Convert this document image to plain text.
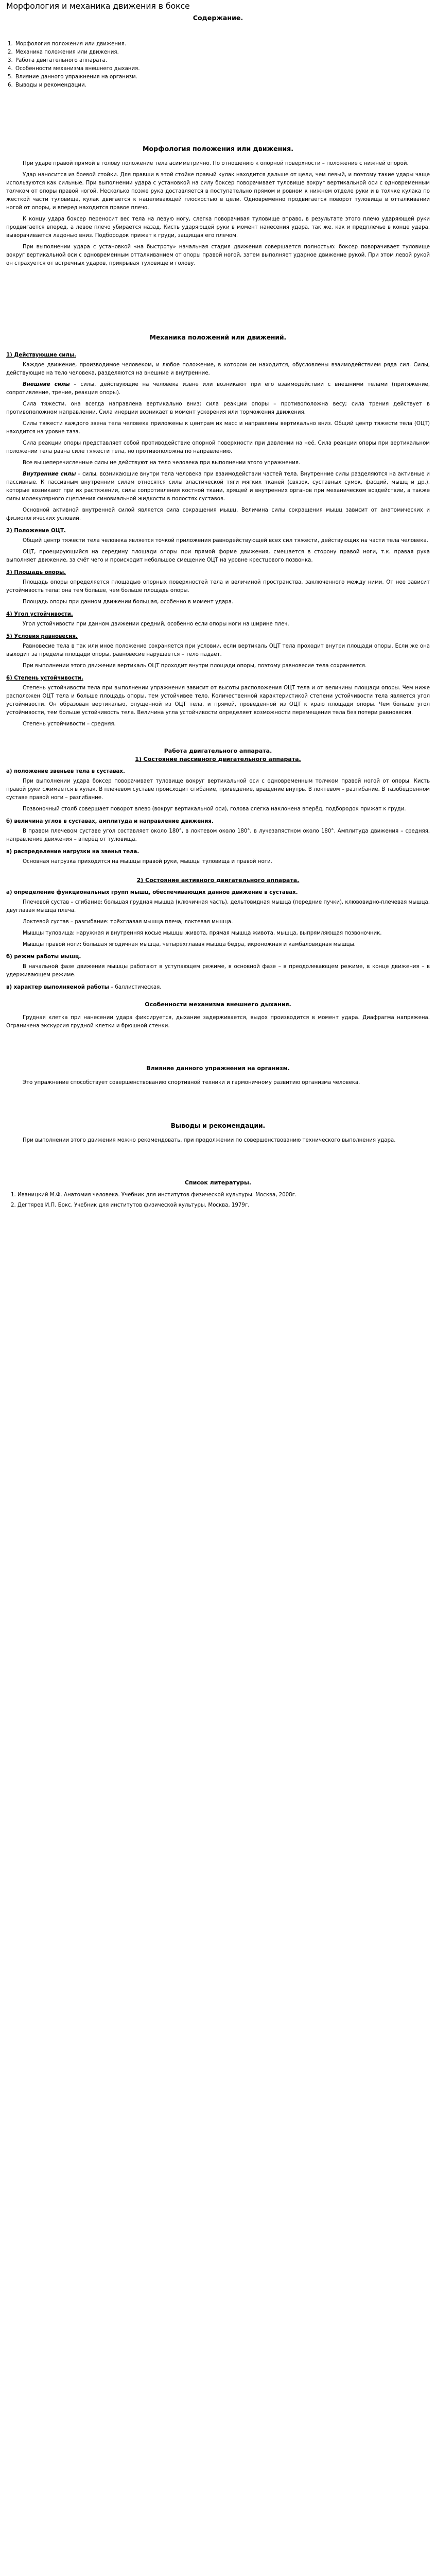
Морфология и механика движения в боксе
Содержание.
1. Морфология положения или движения.
2. Механика положения или движения.
3. Работа двигательного аппарата.
4. Особенности механизма внешнего дыхания.
5. Влияние данного упражнения на организм.
6. Выводы и рекомендации.
Морфология положения или движения.

При ударе правой прямой в голову положение тела асимметрично. По отношению к опорной поверхности – положение с нижней опорой.

Удар наносится из боевой стойки. Для правши в этой стойке правый кулак находится дальше от цели, чем левый, и поэтому такие удары чаще используются как сильные. При выполнении удара с установкой на силу боксер поворачивает туловище вокруг вертикальной оси с одновременным толчком от опоры правой ногой. Несколько позже рука доставляется в поступательно прямом и ровном к нижнем отделе руки и в толчке кулака по жесткой части туловища, кулак двигается к нацеливающей плоскостью в цели. Одновременно продвигается поворот туловища в отталкивании ногой от опоры, и вперед находится правое плечо.

К концу удара боксер переносит вес тела на левую ногу, слегка поворачивая туловище вправо, в результате этого плечо ударяющей руки продвигается вперёд, а левое плечо убирается назад. Кисть ударяющей руки в момент нанесения удара, так же, как и предплечье в конце удара, выворачивается ладонью вниз. Подбородок прижат к груди, защищая его плечом.

При выполнении удара с установкой «на быстроту» начальная стадия движения совершается полностью: боксер поворачивает туловище вокруг вертикальной оси с одновременным отталкиванием от опоры правой ногой, затем выполняет ударное движение рукой. При этом левой рукой он страхуется от встречных ударов, прикрывая туловище и голову.

Механика положений или движений.
1) Действующие силы.

Каждое движение, производимое человеком, и любое положение, в котором он находится, обусловлены взаимодействием ряда сил. Силы, действующие на тело человека, разделяются на внешние и внутренние.

Внешние силы – силы, действующие на человека извне или возникают при его взаимодействии с внешними телами (притяжение, сопротивление, трение, реакция опоры).

Сила тяжести, она всегда направлена вертикально вниз; сила реакции опоры – противоположна весу; сила трения действует в противоположном направлении. Сила инерции возникает в момент ускорения или торможения движения.

Силы тяжести каждого звена тела человека приложены к центрам их масс и направлены вертикально вниз. Общий центр тяжести тела (ОЦТ) находится на уровне таза.

Сила реакции опоры представляет собой противодействие опорной поверхности при давлении на неё. Сила реакции опоры при вертикальном положении тела равна силе тяжести тела, но противоположна по направлению.

Все вышеперечисленные силы не действуют на тело человека при выполнении этого упражнения.

Внутренние силы – силы, возникающие внутри тела человека при взаимодействии частей тела. Внутренние силы разделяются на активные и пассивные. К пассивным внутренним силам относятся силы эластической тяги мягких тканей (связок, суставных сумок, фасций, мышц и др.), которые возникают при их растяжении, силы сопротивления костной ткани, хрящей и внутренних органов при механическом воздействии, а также силы молекулярного сцепления синовиальной жидкости в полостях суставов.

Основной активной внутренней силой является сила сокращения мышц. Величина силы сокращения мышц зависит от анатомических и физиологических условий.

2) Положение ОЦТ.

Общий центр тяжести тела человека является точкой приложения равнодействующей всех сил тяжести, действующих на части тела человека.

ОЦТ, проецирующийся на середину площади опоры при прямой форме движения, смещается в сторону правой ноги, т.к. правая рука выполняет движение, за счёт чего и происходит небольшое смещение ОЦТ на уровне крестцового позвонка.

3) Площадь опоры.

Площадь опоры определяется площадью опорных поверхностей тела и величиной пространства, заключенного между ними. От нее зависит устойчивость тела: она тем больше, чем больше площадь опоры.

Площадь опоры при данном движении большая, особенно в момент удара.

4) Угол устойчивости.

Угол устойчивости при данном движении средний, особенно если опоры ноги на ширине плеч.

5) Условия равновесия.

Равновесие тела в так или иное положение сохраняется при условии, если вертикаль ОЦТ тела проходит внутри площади опоры. Если же она выходит за пределы площади опоры, равновесие нарушается – тело падает.

При выполнении этого движения вертикаль ОЦТ проходит внутри площади опоры, поэтому равновесие тела сохраняется.

6) Степень устойчивости.

Степень устойчивости тела при выполнении упражнения зависит от высоты расположения ОЦТ тела и от величины площади опоры. Чем ниже расположен ОЦТ тела и больше площадь опоры, тем устойчивее тело. Количественной характеристикой степени устойчивости тела является угол устойчивости. Он образован вертикалью, опущенной из ОЦТ тела, и прямой, проведенной из ОЦТ к краю площади опоры. Чем больше угол устойчивости, тем больше устойчивость тела. Величина угла устойчивости определяет возможности перемещения тела без потери равновесия.

Степень устойчивости – средняя.

Работа двигательного аппарата.
1) Состояние пассивного двигательного аппарата.
а) положение звеньев тела в суставах.

При выполнении удара боксер поворачивает туловище вокруг вертикальной оси с одновременным толчком правой ногой от опоры. Кисть правой руки сжимается в кулак. В плечевом суставе происходит сгибание, приведение, вращение внутрь. В локтевом – разгибание. В тазобедренном суставе правой ноги – разгибание.

Позвоночный столб совершает поворот влево (вокруг вертикальной оси), голова слегка наклонена вперёд, подбородок прижат к груди.

б) величина углов в суставах, амплитуда и направление движения.

В правом плечевом суставе угол составляет около 180°, в локтевом около 180°, в лучезапястном около 180°. Амплитуда движения – средняя, направление движения – вперёд от туловища.

в) распределение нагрузки на звенья тела.

Основная нагрузка приходится на мышцы правой руки, мышцы туловища и правой ноги.

2) Состояние активного двигательного аппарата.
а) определение функциональных групп мышц, обеспечивающих данное движение в суставах.

Плечевой сустав – сгибание: большая грудная мышца (ключичная часть), дельтовидная мышца (передние пучки), клювовидно-плечевая мышца, двуглавая мышца плеча.

Локтевой сустав – разгибание: трёхглавая мышца плеча, локтевая мышца.

Мышцы туловища: наружная и внутренняя косые мышцы живота, прямая мышца живота, мышца, выпрямляющая позвоночник.

Мышцы правой ноги: большая ягодичная мышца, четырёхглавая мышца бедра, икроножная и камбаловидная мышцы.

б) режим работы мышц.

В начальной фазе движения мышцы работают в уступающем режиме, в основной фазе – в преодолевающем режиме, в конце движения – в удерживающем режиме.

в) характер выполняемой работы – баллистическая.

Особенности механизма внешнего дыхания.

Грудная клетка при нанесении удара фиксируется, дыхание задерживается, выдох производится в момент удара. Диафрагма напряжена. Ограничена экскурсия грудной клетки и брюшной стенки.

Влияние данного упражнения на организм.

Это упражнение способствует совершенствованию спортивной техники и гармоничному развитию организма человека.

Выводы и рекомендации.

При выполнении этого движения можно рекомендовать, при продолжении по совершенствованию технического выполнения удара.

Список литературы.
1. Иваницкий М.Ф. Анатомия человека. Учебник для институтов физической культуры. Москва, 2008г.
2. Дегтярев И.П. Бокс. Учебник для институтов физической культуры. Москва, 1979г.
